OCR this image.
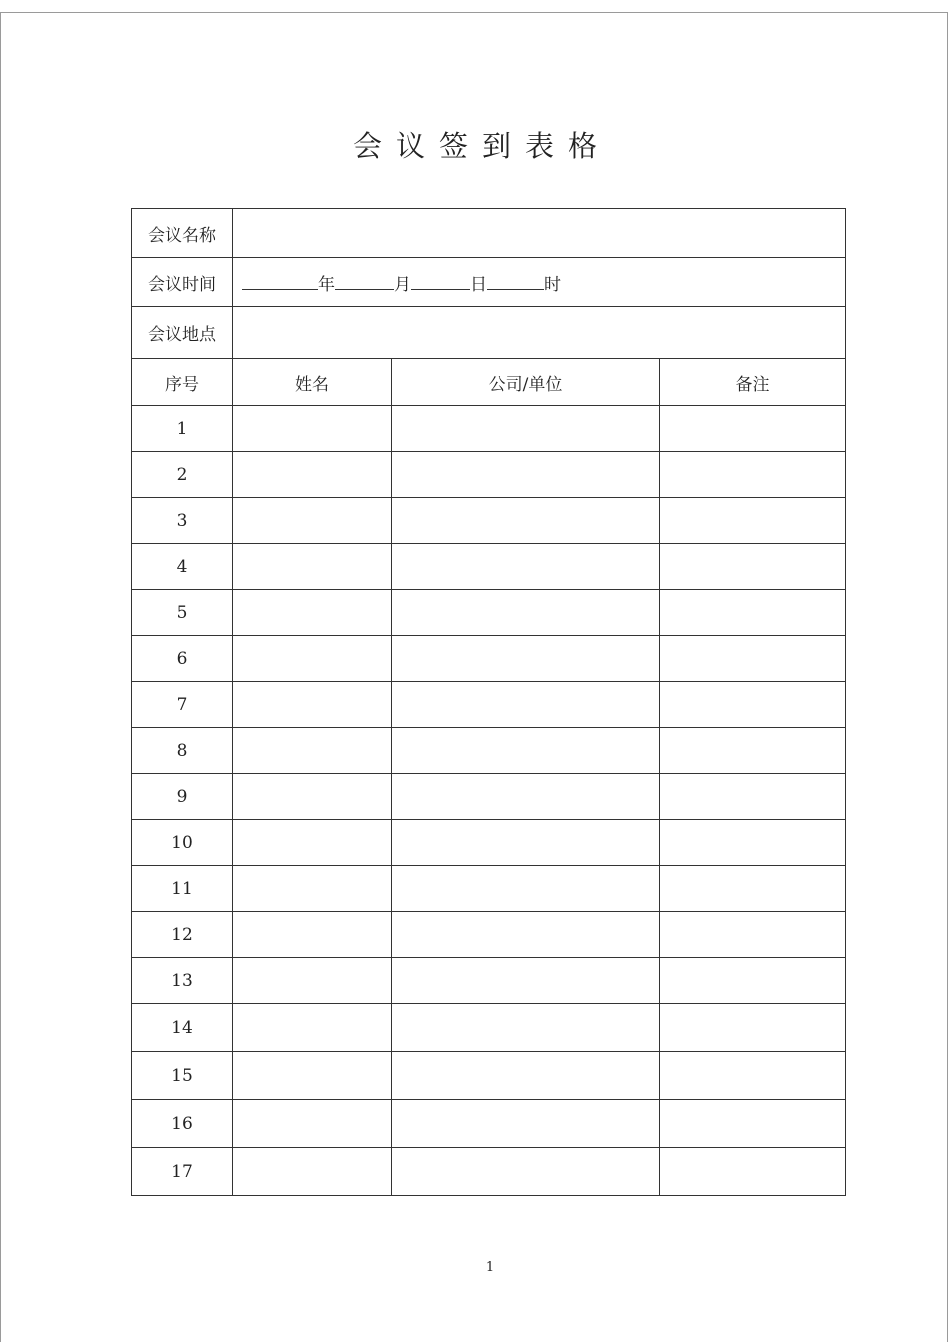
会议签到表格
会议名称			
会议时间	年 月 日 时		
会议地点			
序号	姓名	公司/单位	备注
1			
2			
3			
4			
5			
6			
7			
8			
9			
10			
11			
12			
13			
14			
15			
16			
17			
1
